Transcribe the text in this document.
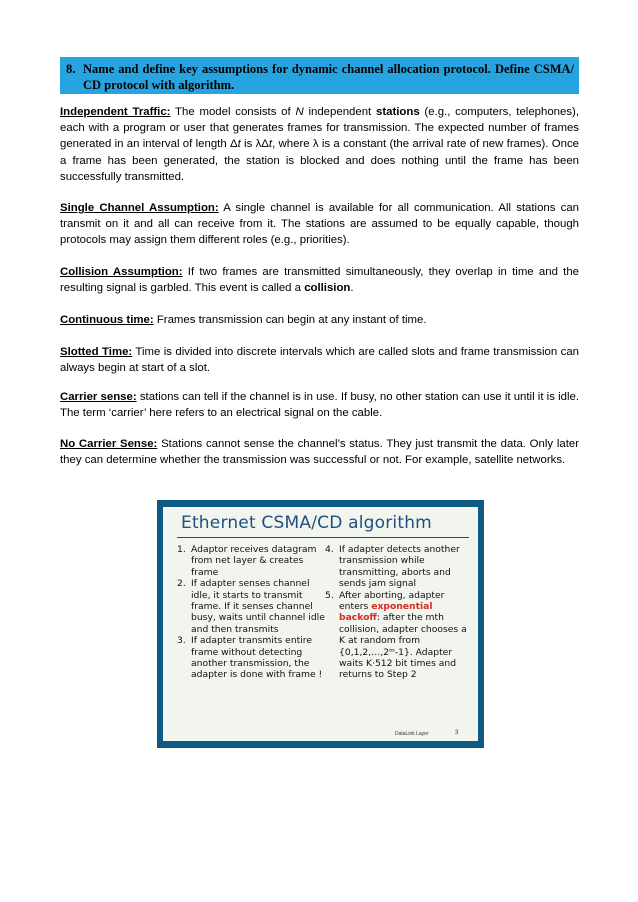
8. Name and define key assumptions for dynamic channel allocation protocol. Define CSMA/ CD protocol with algorithm.

Independent Traffic: The model consists of N independent stations (e.g., computers, telephones), each with a program or user that generates frames for transmission. The expected number of frames generated in an interval of length Δt is λΔt, where λ is a constant (the arrival rate of new frames). Once a frame has been generated, the station is blocked and does nothing until the frame has been successfully transmitted.

Single Channel Assumption: A single channel is available for all communication. All stations can transmit on it and all can receive from it. The stations are assumed to be equally capable, though protocols may assign them different roles (e.g., priorities).

Collision Assumption: If two frames are transmitted simultaneously, they overlap in time and the resulting signal is garbled. This event is called a collision.

Continuous time: Frames transmission can begin at any instant of time.

Slotted Time: Time is divided into discrete intervals which are called slots and frame transmission can always begin at start of a slot.

Carrier sense: stations can tell if the channel is in use. If busy, no other station can use it until it is idle. The term ‘carrier’ here refers to an electrical signal on the cable.

No Carrier Sense: Stations cannot sense the channel’s status. They just transmit the data. Only later they can determine whether the transmission was successful or not. For example, satellite networks.

Ethernet CSMA/CD algorithm
1. Adaptor receives datagram from net layer & creates frame
2. If adapter senses channel idle, it starts to transmit frame. If it senses channel busy, waits until channel idle and then transmits
3. If adapter transmits entire frame without detecting another transmission, the adapter is done with frame !
4. If adapter detects another transmission while transmitting, aborts and sends jam signal
5. After aborting, adapter enters exponential backoff: after the mth collision, adapter chooses a K at random from {0,1,2,…,2ᵐ-1}. Adapter waits K·512 bit times and returns to Step 2
DataLink Layer	3
